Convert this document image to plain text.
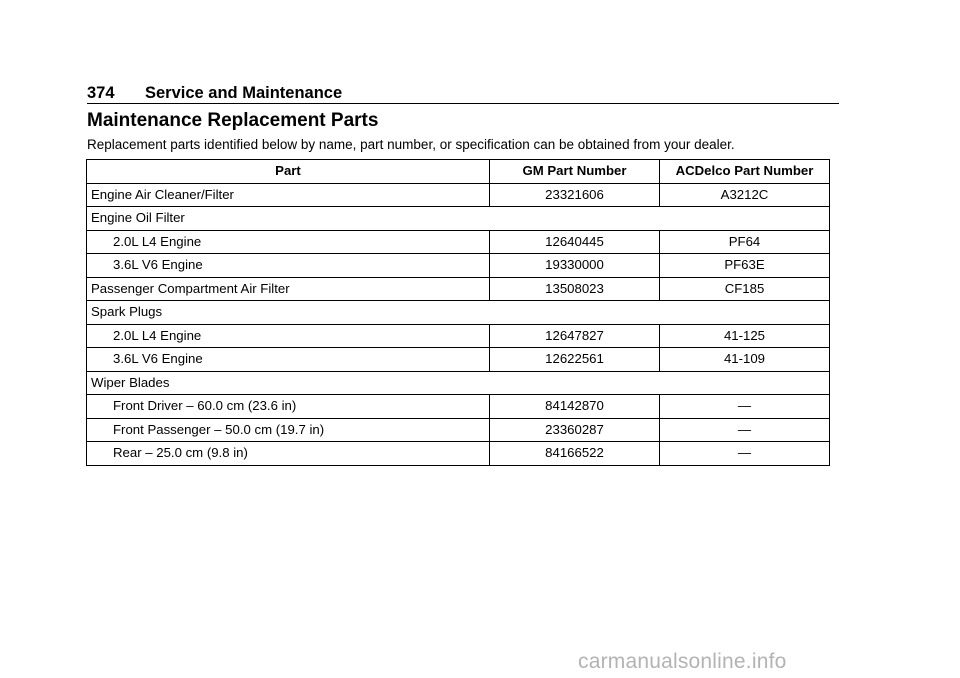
374 Service and Maintenance
Maintenance Replacement Parts
Replacement parts identified below by name, part number, or specification can be obtained from your dealer.
Part	GM Part Number	ACDelco Part Number
Engine Air Cleaner/Filter	23321606	A3212C
Engine Oil Filter		
2.0L L4 Engine	12640445	PF64
3.6L V6 Engine	19330000	PF63E
Passenger Compartment Air Filter	13508023	CF185
Spark Plugs		
2.0L L4 Engine	12647827	41-125
3.6L V6 Engine	12622561	41-109
Wiper Blades		
Front Driver – 60.0 cm (23.6 in)	84142870	—
Front Passenger – 50.0 cm (19.7 in)	23360287	—
Rear – 25.0 cm (9.8 in)	84166522	—
carmanualsonline.info
